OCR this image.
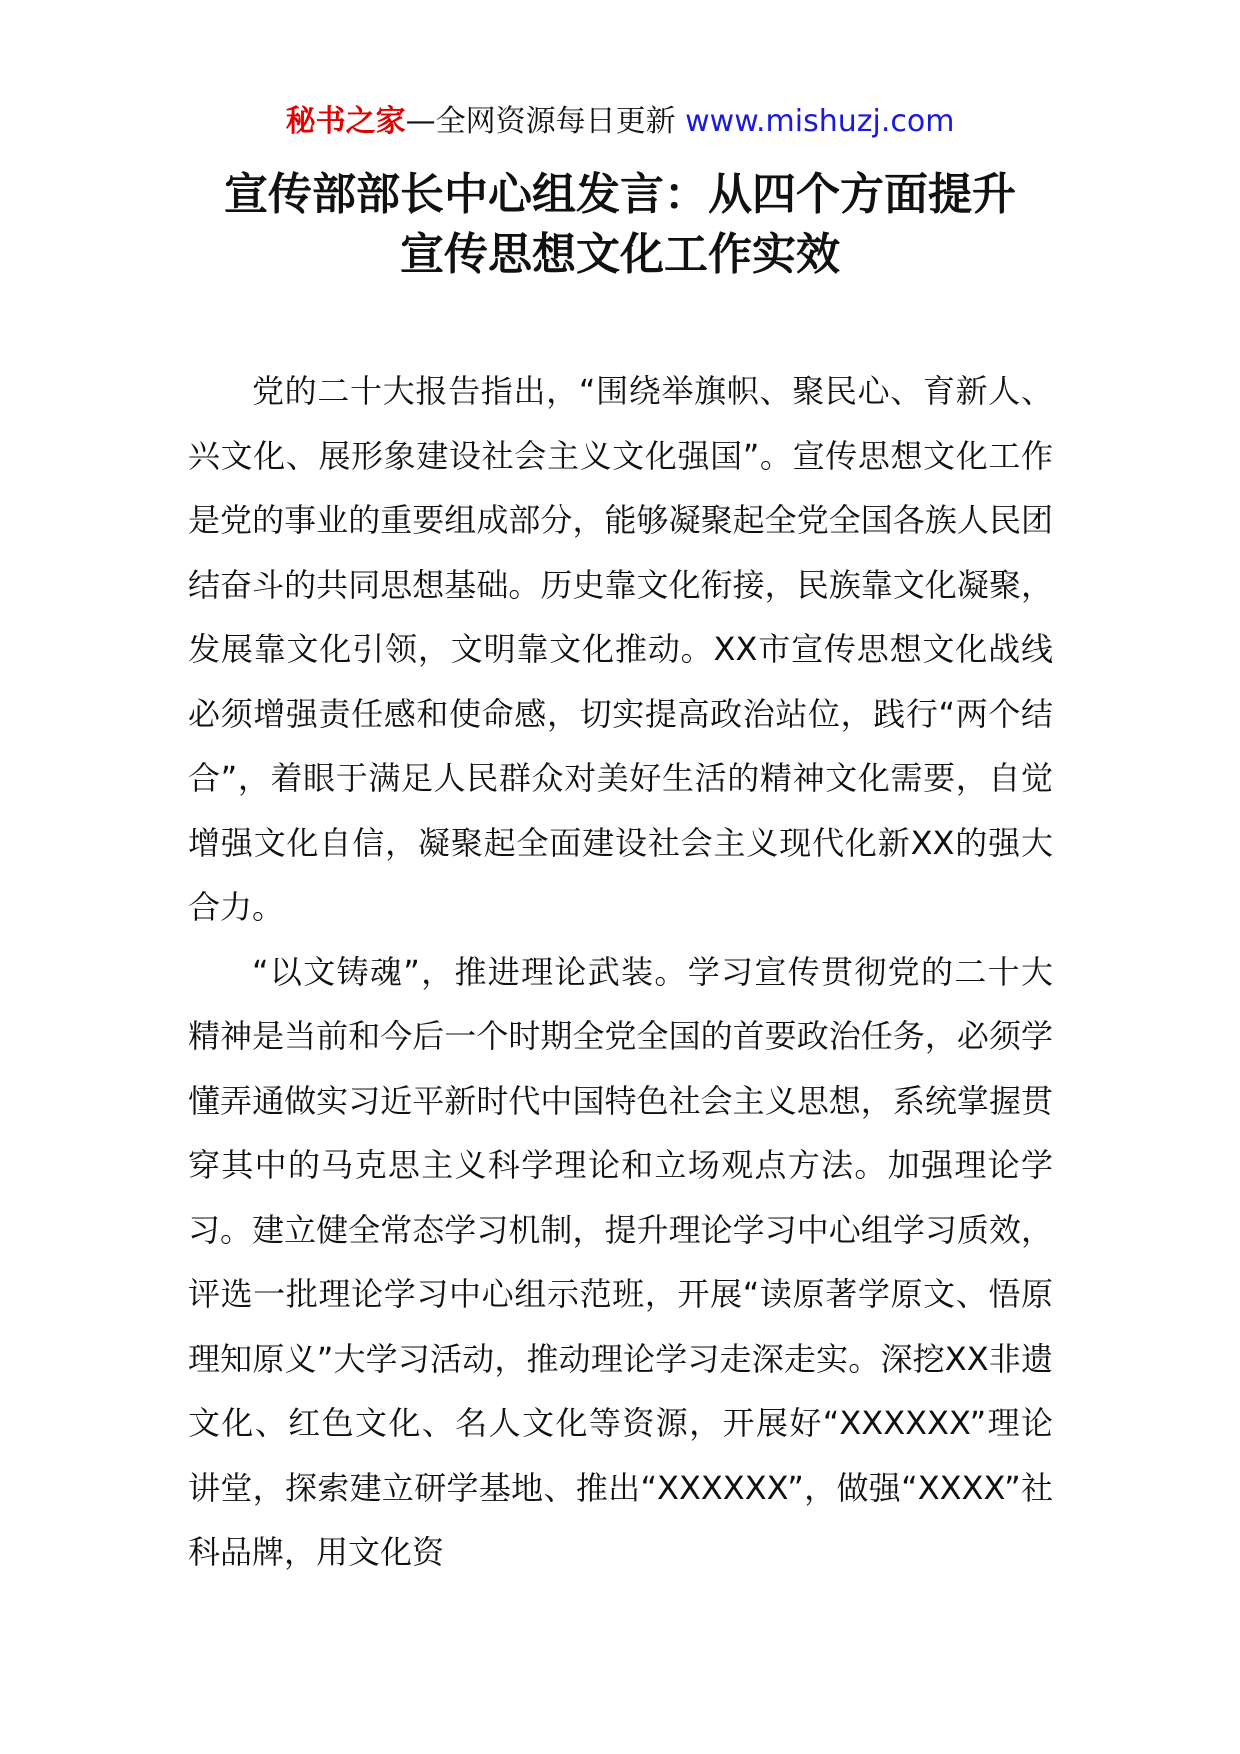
秘书之家—全网资源每日更新 www.mishuzj.com
宣传部部长中心组发言：从四个方面提升
宣传思想文化工作实效

党的二十大报告指出，“围绕举旗帜、聚民心、育新人、兴文化、展形象建设社会主义文化强国”。宣传思想文化工作是党的事业的重要组成部分，能够凝聚起全党全国各族人民团结奋斗的共同思想基础。历史靠文化衔接，民族靠文化凝聚，发展靠文化引领，文明靠文化推动。XX市宣传思想文化战线必须增强责任感和使命感，切实提高政治站位，践行“两个结合”，着眼于满足人民群众对美好生活的精神文化需要，自觉增强文化自信，凝聚起全面建设社会主义现代化新XX的强大合力。

“以文铸魂”，推进理论武装。学习宣传贯彻党的二十大精神是当前和今后一个时期全党全国的首要政治任务，必须学懂弄通做实习近平新时代中国特色社会主义思想，系统掌握贯穿其中的马克思主义科学理论和立场观点方法。加强理论学习。建立健全常态学习机制，提升理论学习中心组学习质效，评选一批理论学习中心组示范班，开展“读原著学原文、悟原理知原义”大学习活动，推动理论学习走深走实。深挖XX非遗文化、红色文化、名人文化等资源，开展好“XXXXXX”理论讲堂，探索建立研学基地、推出“XXXXXX”，做强“XXXX”社科品牌，用文化资
